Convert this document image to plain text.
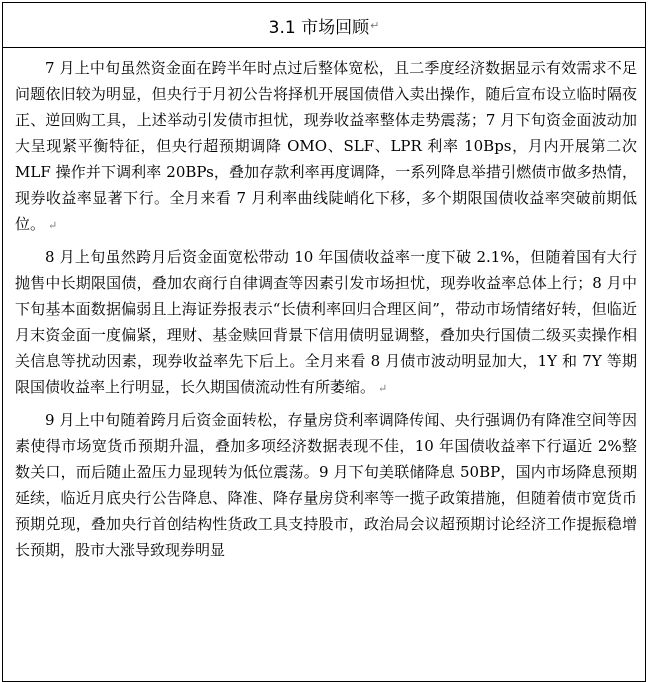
3.1 市场回顾 ↵

7 月上中旬虽然资金面在跨半年时点过后整体宽松，且二季度经济数据显示有效需求不足问题依旧较为明显，但央行于月初公告将择机开展国债借入卖出操作，随后宣布设立临时隔夜正、逆回购工具，上述举动引发债市担忧，现券收益率整体走势震荡；7 月下旬资金面波动加大呈现紧平衡特征，但央行超预期调降 OMO、SLF、LPR 利率 10Bps，月内开展第二次 MLF 操作并下调利率 20BPs，叠加存款利率再度调降，一系列降息举措引燃债市做多热情，现券收益率显著下行。全月来看 7 月利率曲线陡峭化下移，多个期限国债收益率突破前期低位。 ↵

8 月上旬虽然跨月后资金面宽松带动 10 年国债收益率一度下破 2.1%，但随着国有大行抛售中长期限国债，叠加农商行自律调查等因素引发市场担忧，现券收益率总体上行；8 月中下旬基本面数据偏弱且上海证券报表示“长债利率回归合理区间”，带动市场情绪好转，但临近月末资金面一度偏紧，理财、基金赎回背景下信用债明显调整，叠加央行国债二级买卖操作相关信息等扰动因素，现券收益率先下后上。全月来看 8 月债市波动明显加大，1Y 和 7Y 等期限国债收益率上行明显，长久期国债流动性有所萎缩。 ↵

9 月上中旬随着跨月后资金面转松，存量房贷利率调降传闻、央行强调仍有降准空间等因素使得市场宽货币预期升温，叠加多项经济数据表现不佳，10 年国债收益率下行逼近 2%整数关口，而后随止盈压力显现转为低位震荡。9 月下旬美联储降息 50BP，国内市场降息预期延续，临近月底央行公告降息、降准、降存量房贷利率等一揽子政策措施，但随着债市宽货币预期兑现，叠加央行首创结构性货政工具支持股市，政治局会议超预期讨论经济工作提振稳增长预期，股市大涨导致现券明显
